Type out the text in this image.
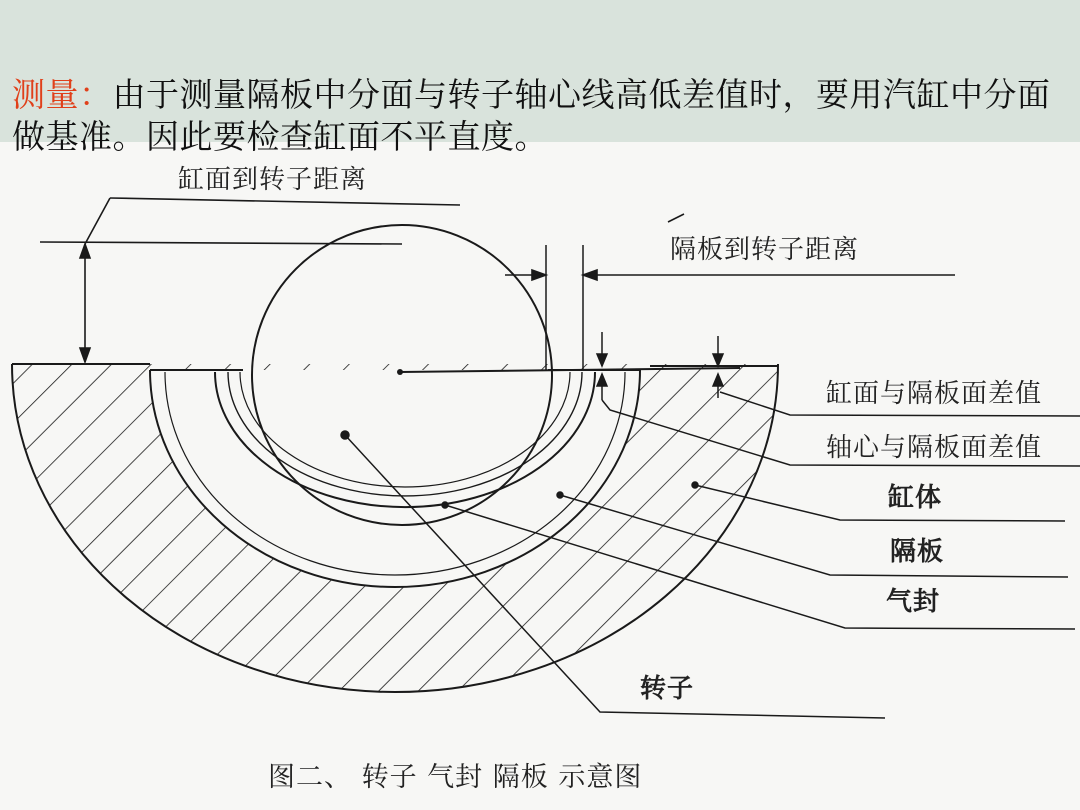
测量：由于测量隔板中分面与转子轴心线高低差值时，要用汽缸中分面做基准。因此要检查缸面不平直度。
缸面到转子距离
隔板到转子距离
缸面与隔板面差值
轴心与隔板面差值
缸体
隔板
气封
转子
图二、 转子 气封 隔板 示意图
